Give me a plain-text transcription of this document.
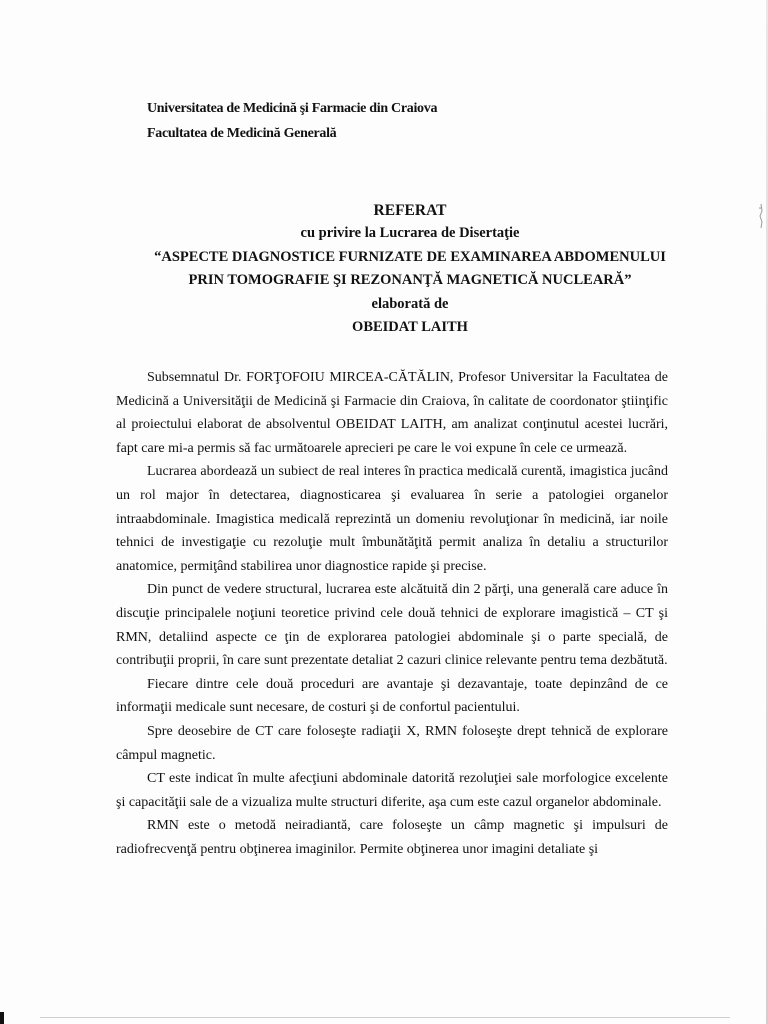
Universitatea de Medicină şi Farmacie din Craiova
Facultatea de Medicină Generală
REFERAT
cu privire la Lucrarea de Disertaţie
“ASPECTE DIAGNOSTICE FURNIZATE DE EXAMINAREA ABDOMENULUI
PRIN TOMOGRAFIE ŞI REZONANŢĂ MAGNETICĂ NUCLEARĂ”
elaborată de
OBEIDAT LAITH

Subsemnatul Dr. FORŢOFOIU MIRCEA-CĂTĂLIN, Profesor Universitar la Facultatea de Medicină a Universităţii de Medicină şi Farmacie din Craiova, în calitate de coordonator ştiinţific al proiectului elaborat de absolventul OBEIDAT LAITH, am analizat conţinutul acestei lucrări, fapt care mi-a permis să fac următoarele aprecieri pe care le voi expune în cele ce urmează.

Lucrarea abordează un subiect de real interes în practica medicală curentă, imagistica jucând un rol major în detectarea, diagnosticarea şi evaluarea în serie a patologiei organelor intraabdominale. Imagistica medicală reprezintă un domeniu revoluţionar în medicină, iar noile tehnici de investigaţie cu rezoluţie mult îmbunătăţită permit analiza în detaliu a structurilor anatomice, permiţând stabilirea unor diagnostice rapide şi precise.

Din punct de vedere structural, lucrarea este alcătuită din 2 părţi, una generală care aduce în discuţie principalele noţiuni teoretice privind cele două tehnici de explorare imagistică – CT şi RMN, detaliind aspecte ce ţin de explorarea patologiei abdominale şi o parte specială, de contribuţii proprii, în care sunt prezentate detaliat 2 cazuri clinice relevante pentru tema dezbătută.

Fiecare dintre cele două proceduri are avantaje şi dezavantaje, toate depinzând de ce informaţii medicale sunt necesare, de costuri şi de confortul pacientului.

Spre deosebire de CT care foloseşte radiaţii X, RMN foloseşte drept tehnică de explorare câmpul magnetic.

CT este indicat în multe afecţiuni abdominale datorită rezoluţiei sale morfologice excelente şi capacităţii sale de a vizualiza multe structuri diferite, aşa cum este cazul organelor abdominale.

RMN este o metodă neiradiantă, care foloseşte un câmp magnetic şi impulsuri de radiofrecvenţă pentru obţinerea imaginilor. Permite obţinerea unor imagini detaliate şi
